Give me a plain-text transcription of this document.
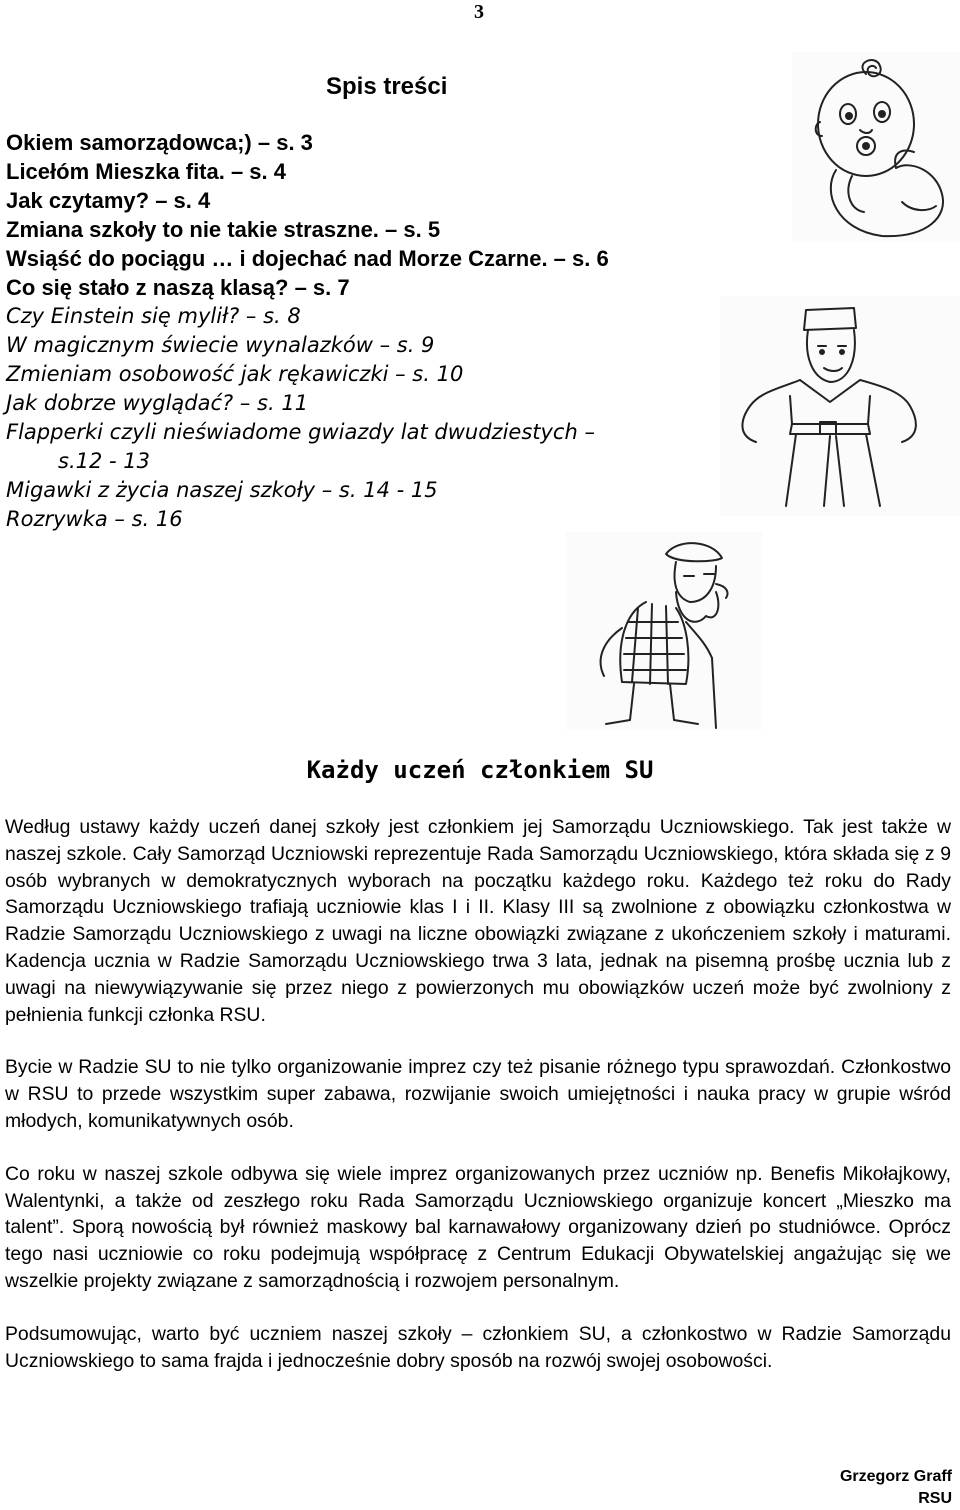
3
Spis treści
Okiem samorządowca;) – s. 3
Licełóm Mieszka fita. – s. 4
Jak czytamy? – s. 4
Zmiana szkoły to nie takie straszne. – s. 5
Wsiąść do pociągu … i dojechać nad Morze Czarne. – s. 6
Co się stało z naszą klasą? – s. 7
Czy Einstein się mylił? – s. 8
W magicznym świecie wynalazków – s. 9
Zmieniam osobowość jak rękawiczki – s. 10
Jak dobrze wyglądać? – s. 11
Flapperki czyli nieświadome gwiazdy lat dwudziestych –
s.12 - 13
Migawki z życia naszej szkoły – s. 14 - 15
Rozrywka – s. 16
Każdy uczeń członkiem SU

Według ustawy każdy uczeń danej szkoły jest członkiem jej Samorządu Uczniowskiego. Tak jest także w naszej szkole. Cały Samorząd Uczniowski reprezentuje Rada Samorządu Uczniowskiego, która składa się z 9 osób wybranych w demokratycznych wyborach na początku każdego roku. Każdego też roku do Rady Samorządu Uczniowskiego trafiają uczniowie klas I i II. Klasy III są zwolnione z obowiązku członkostwa w Radzie Samorządu Uczniowskiego z uwagi na liczne obowiązki związane z ukończeniem szkoły i maturami. Kadencja ucznia w Radzie Samorządu Uczniowskiego trwa 3 lata, jednak na pisemną prośbę ucznia lub z uwagi na niewywiązywanie się przez niego z powierzonych mu obowiązków uczeń może być zwolniony z pełnienia funkcji członka RSU.

Bycie w Radzie SU to nie tylko organizowanie imprez czy też pisanie różnego typu sprawozdań. Członkostwo w RSU to przede wszystkim super zabawa, rozwijanie swoich umiejętności i nauka pracy w grupie wśród młodych, komunikatywnych osób.

Co roku w naszej szkole odbywa się wiele imprez organizowanych przez uczniów np. Benefis Mikołajkowy, Walentynki, a także od zeszłego roku Rada Samorządu Uczniowskiego organizuje koncert „Mieszko ma talent”. Sporą nowością był również maskowy bal karnawałowy organizowany dzień po studniówce. Oprócz tego nasi uczniowie co roku podejmują współpracę z Centrum Edukacji Obywatelskiej angażując się we wszelkie projekty związane z samorządnością i rozwojem personalnym.

Podsumowując, warto być uczniem naszej szkoły – członkiem SU, a członkostwo w Radzie Samorządu Uczniowskiego to sama frajda i jednocześnie dobry sposób na rozwój swojej osobowości.

Grzegorz Graff
RSU
